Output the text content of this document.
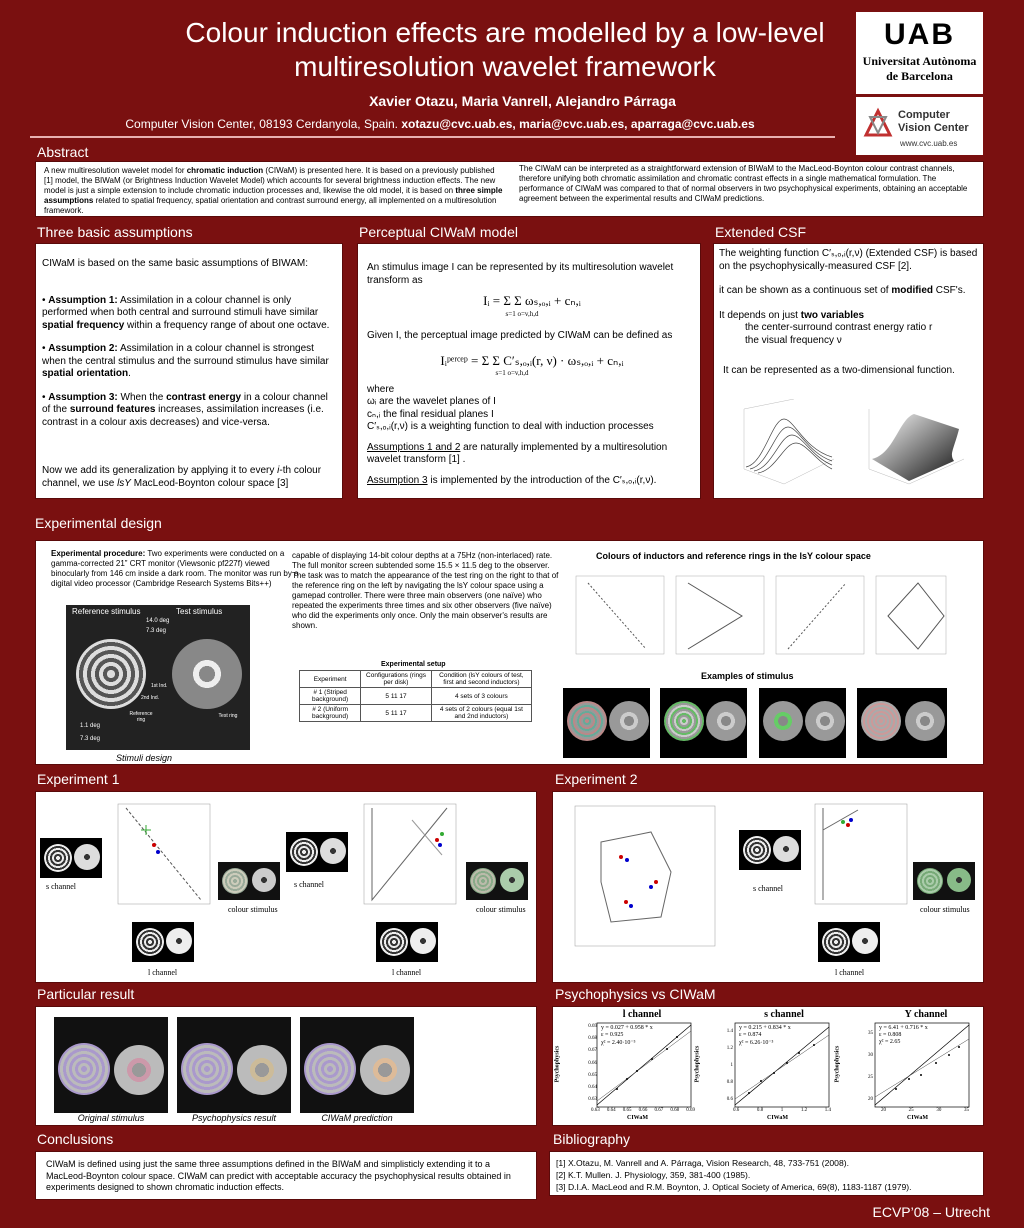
Colour induction effects are modelled by a low-level
multiresolution wavelet framework
Xavier Otazu, Maria Vanrell, Alejandro Párraga
Computer Vision Center, 08193 Cerdanyola, Spain. xotazu@cvc.uab.es, maria@cvc.uab.es, aparraga@cvc.uab.es
UAB
Universitat Autònoma
de Barcelona
Computer
Vision Center
www.cvc.uab.es
Abstract
A new multiresolution wavelet model for chromatic induction (CIWaM) is presented here. It is based on a previously published [1] model, the BIWaM (or Brightness Induction Wavelet Model) which accounts for several brightness induction effects. The new model is just a simple extension to include chromatic induction processes and, likewise the old model, it is based on three simple assumptions related to spatial frequency, spatial orientation and contrast surround energy, all implemented on a multiresolution framework.
The CIWaM can be interpreted as a straightforward extension of BIWaM to the MacLeod-Boynton colour contrast channels, therefore unifying both chromatic assimilation and chromatic contrast effects in a single mathematical formulation. The performance of CIWaM was compared to that of normal observers in two psychophysical experiments, obtaining an acceptable agreement between the experimental results and CIWaM predictions.
Three basic assumptions
CIWaM is based on the same basic assumptions of BIWAM:
• Assumption 1: Assimilation in a colour channel is only performed when both central and surround stimuli have similar spatial frequency within a frequency range of about one octave.
• Assumption 2: Assimilation in a colour channel is strongest when the central stimulus and the surround stimulus have similar spatial orientation.
• Assumption 3: When the contrast energy in a colour channel of the surround features increases, assimilation increases (i.e. contrast in a colour axis decreases) and vice-versa.
Now we add its generalization by applying it to every i-th colour channel, we use lsY MacLeod-Boynton colour space [3]
Perceptual CIWaM model
An stimulus image I can be represented by its multiresolution wavelet transform as
Iᵢ = Σ Σ ωₛ,ₒ,ᵢ + cₙ,ᵢ
s=1 o=v,h,d
Given I, the perceptual image predicted by CIWaM can be defined as
Iᵢᵖᵉʳᶜᵉᵖ = Σ Σ C′ₛ,ₒ,ᵢ(r, ν) · ωₛ,ₒ,ᵢ + cₙ,ᵢ
s=1 o=v,h,d
where
ωᵢ are the wavelet planes of I
cₙ,ᵢ the final residual planes I
C′ₛ,ₒ,ᵢ(r,ν) is a weighting function to deal with induction processes
Assumptions 1 and 2 are naturally implemented by a multiresolution wavelet transform [1] .
Assumption 3 is implemented by the introduction of the C′ₛ,ₒ,ᵢ(r,ν).
Extended CSF
The weighting function C′ₛ,ₒ,ᵢ(r,ν) (Extended CSF) is based on the psychophysically-measured CSF [2].
it can be shown as a continuous set of modified CSF's.
It depends on just two variables
the center-surround contrast energy ratio r
the visual frequency ν
It can be represented as a two-dimensional function.
Experimental design
Experimental procedure: Two experiments were conducted on a gamma-corrected 21” CRT monitor (Viewsonic pf227f) viewed binocularly from 146 cm inside a dark room. The monitor was run by a digital video processor (Cambridge Research Systems Bits++)
Reference stimulus	Test stimulus
14.0 deg
7.3 deg
1st Ind.
2nd Ind.
Reference ring
Test ring
1.1 deg
7.3 deg
Stimuli design
capable of displaying 14-bit colour depths at a 75Hz (non-interlaced) rate. The full monitor screen subtended some 15.5 × 11.5 deg to the observer.
The task was to match the appearance of the test ring on the right to that of the reference ring on the left by navigating the lsY colour space using a gamepad controller. There were three main observers (one naïve) who repeated the experiments three times and six other observers (five naïve) who did the experiments only once. Only the main observer's results are shown.
Experimental setup
Experiment	Configurations (rings per disk)	Condition (lsY colours of test, first and second inductors)
# 1 (Striped background)	5 11 17	4 sets of 3 colours
# 2 (Uniform background)	5 11 17	4 sets of 2 colours (equal 1st and 2nd inductors)
Colours of inductors and reference rings in the lsY colour space
Examples of stimulus
Experiment 1
s channel
colour stimulus
l channel
s channel
colour stimulus
l channel
Experiment 2
s channel
colour stimulus
l channel
Particular result
Original stimulus	Psychophysics result	CIWaM prediction
Psychophysics vs CIWaM
l channel
y = 0.027 + 0.958 * x
ε = 0.925
χ² = 2.40·10⁻⁵
CIWaM
Psychophysics
0.69
0.68
0.67
0.66
0.65
0.64
0.63
0.63 0.64 0.65 0.66 0.67 0.68 0.69
s channel
y = 0.215 + 0.834 * x
ε = 0.874
χ² = 6.26·10⁻³
CIWaM
Psychophysics
1.4
1.2
1
0.8
0.6
0.6	0.8	1	1.2	1.4
Y channel
y = 6.41 + 0.716 * x
ε = 0.808
χ² = 2.65
CIWaM
Psychophysics
35
30
25
20
20	25	30	35
Conclusions
CIWaM is defined using just the same three assumptions defined in the BIWaM and simplisticly extending it to a MacLeod-Boynton colour space. CIWaM can predict with acceptable accuracy the psychophysical results obtained in experiments designed to shown chromatic induction effects.
Bibliography
[1] X.Otazu, M. Vanrell and A. Párraga, Vision Research, 48, 733-751 (2008).
[2] K.T. Mullen. J. Physiology, 359, 381-400 (1985).
[3] D.I.A. MacLeod and R.M. Boynton, J. Optical Society of America, 69(8), 1183-1187 (1979).
ECVP’08 – Utrecht
